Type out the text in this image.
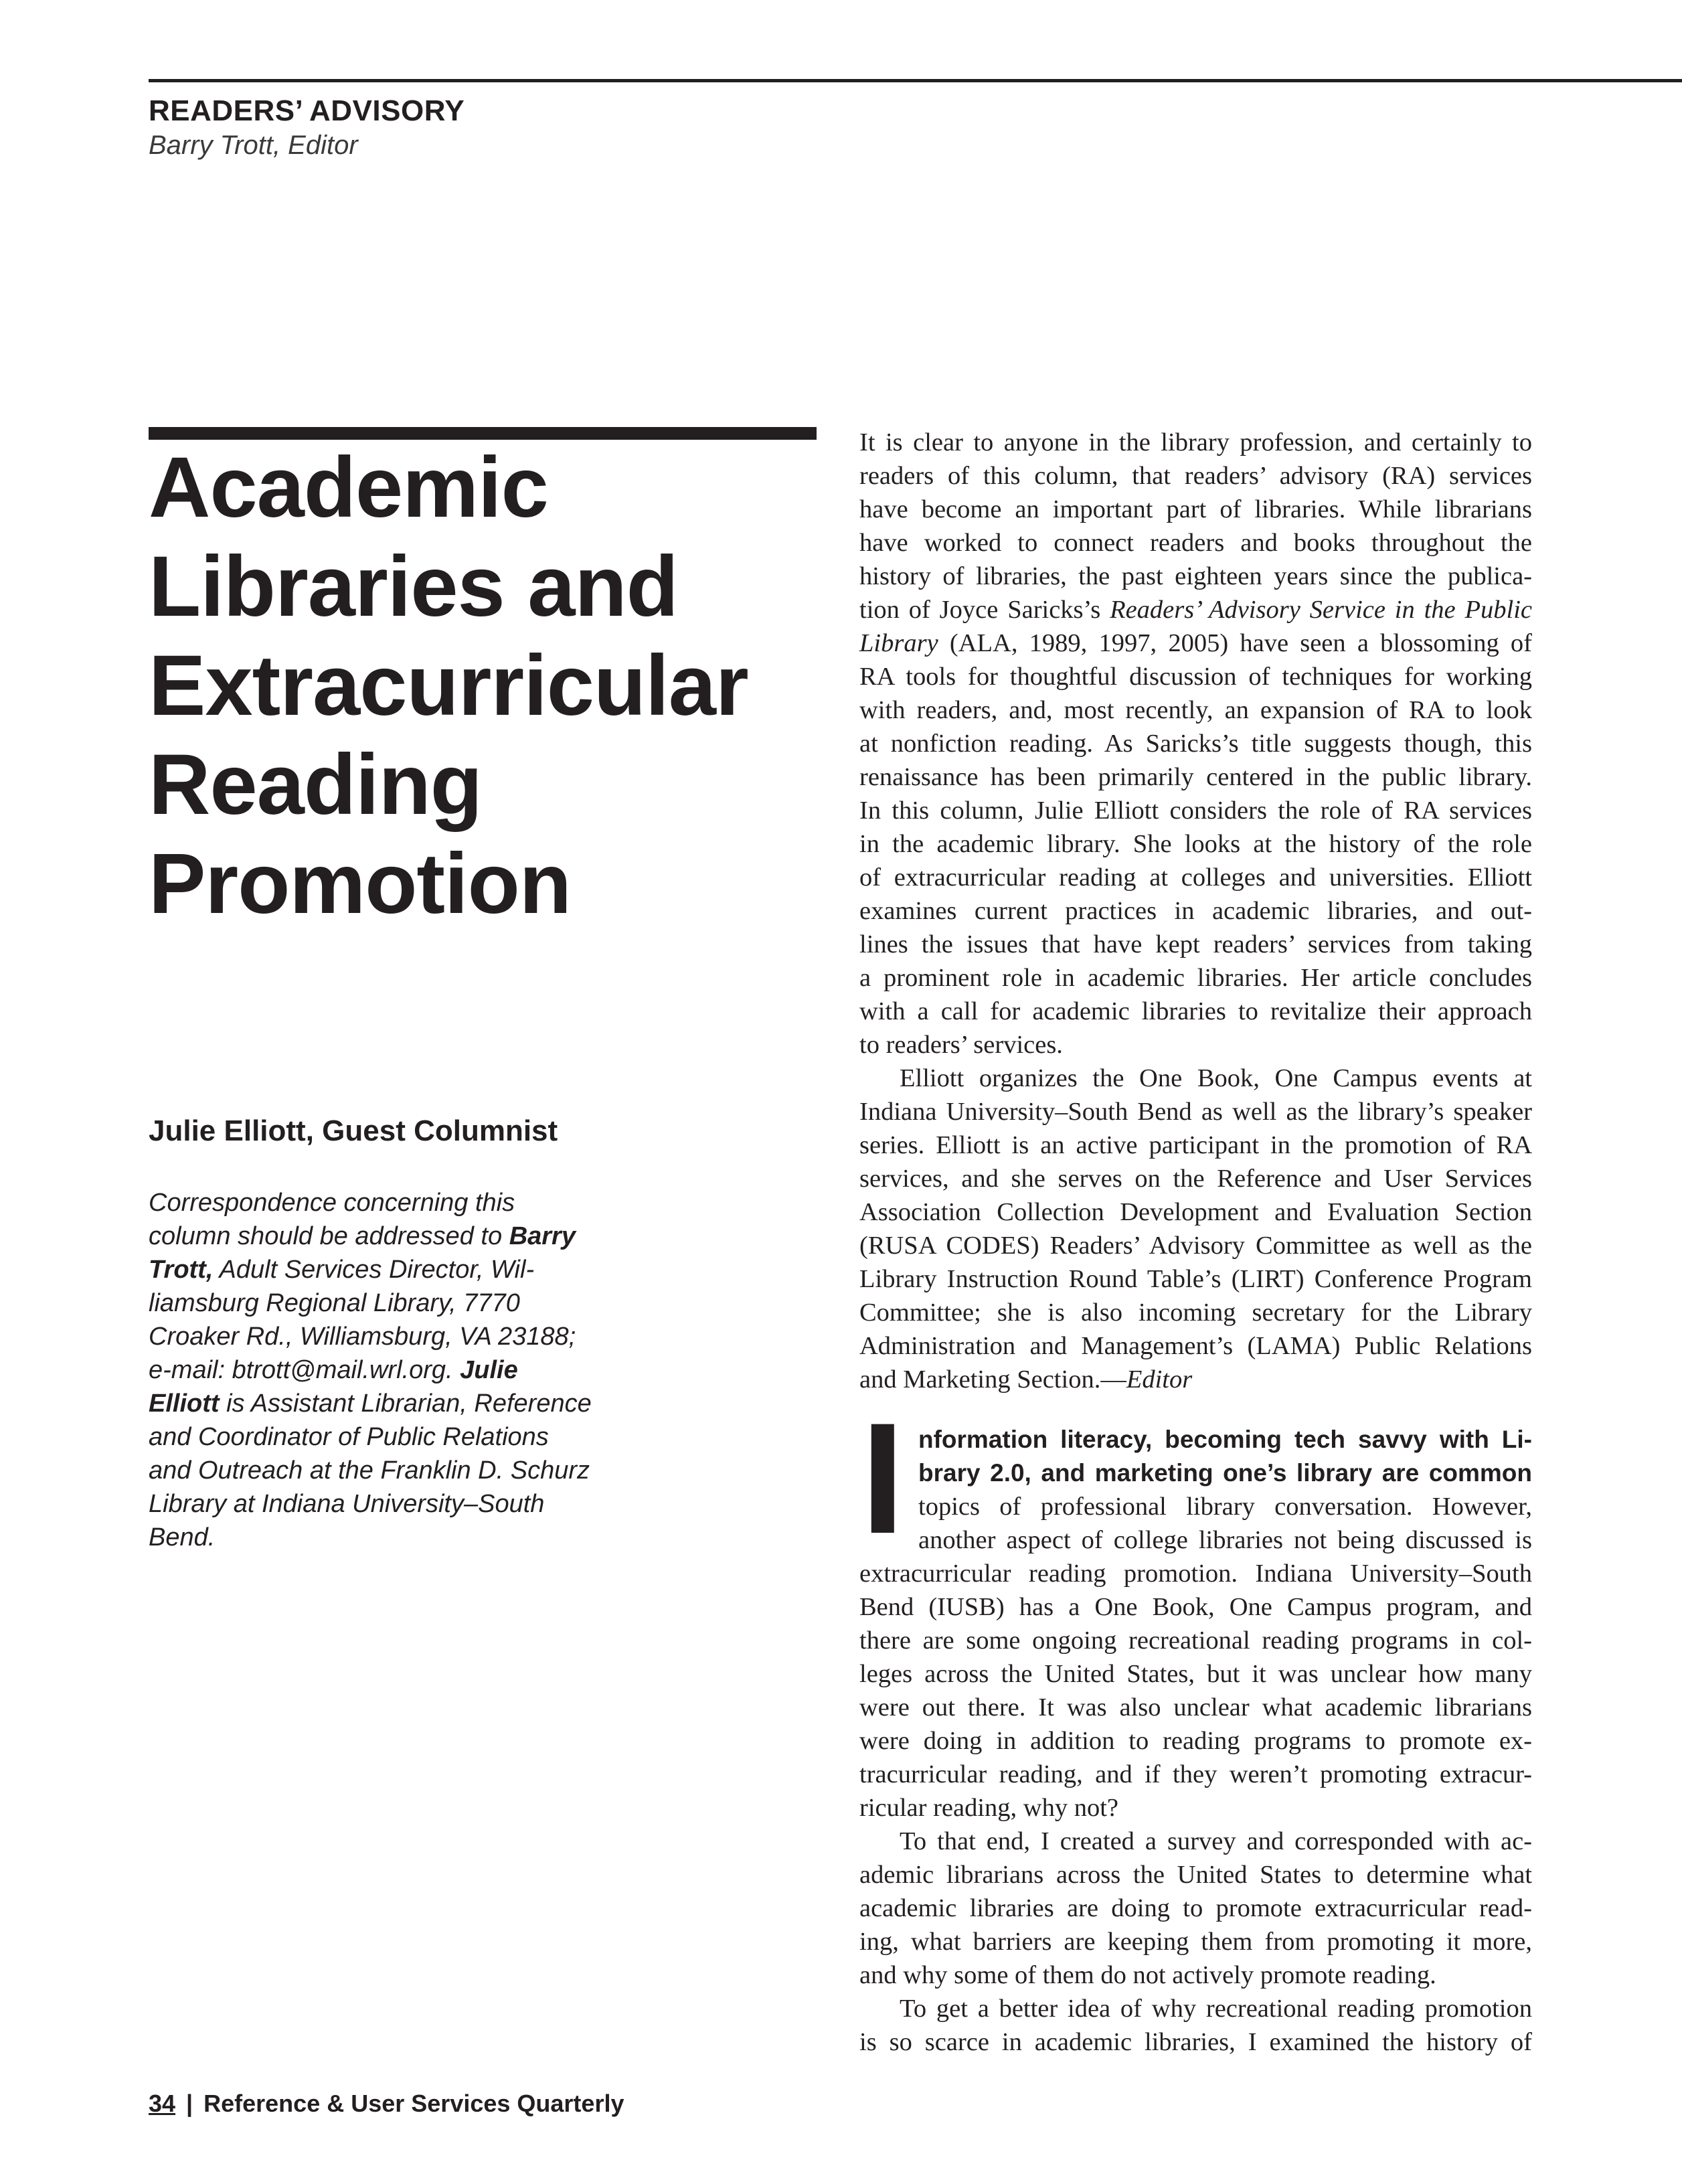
READERS’ ADVISORY
Barry Trott, Editor
Academic
Libraries and
Extracurricular
Reading
Promotion
Julie Elliott, Guest Columnist
Correspondence concerning this
column should be addressed to Barry
Trott, Adult Services Director, Wil-
liamsburg Regional Library, 7770
Croaker Rd., Williamsburg, VA 23188;
e-mail: btrott@mail.wrl.org. Julie
Elliott is Assistant Librarian, Reference
and Coordinator of Public Relations
and Outreach at the Franklin D. Schurz
Library at Indiana University–South
Bend.
It is clear to anyone in the library profession, and certainly to
readers of this column, that readers’ advisory (RA) services
have become an important part of libraries. While librarians
have worked to connect readers and books throughout the
history of libraries, the past eighteen years since the publica-
tion of Joyce Saricks’s Readers’ Advisory Service in the Public
Library (ALA, 1989, 1997, 2005) have seen a blossoming of
RA tools for thoughtful discussion of techniques for working
with readers, and, most recently, an expansion of RA to look
at nonfiction reading. As Saricks’s title suggests though, this
renaissance has been primarily centered in the public library.
In this column, Julie Elliott considers the role of RA services
in the academic library. She looks at the history of the role
of extracurricular reading at colleges and universities. Elliott
examines current practices in academic libraries, and out-
lines the issues that have kept readers’ services from taking
a prominent role in academic libraries. Her article concludes
with a call for academic libraries to revitalize their approach
to readers’ services.
Elliott organizes the One Book, One Campus events at
Indiana University–South Bend as well as the library’s speaker
series. Elliott is an active participant in the promotion of RA
services, and she serves on the Reference and User Services
Association Collection Development and Evaluation Section
(RUSA CODES) Readers’ Advisory Committee as well as the
Library Instruction Round Table’s (LIRT) Conference Program
Committee; she is also incoming secretary for the Library
Administration and Management’s (LAMA) Public Relations
and Marketing Section.—Editor
I nformation literacy, becoming tech savvy with Li-
brary 2.0, and marketing one’s library are common
topics of professional library conversation. However,
another aspect of college libraries not being discussed is
extracurricular reading promotion. Indiana University–South
Bend (IUSB) has a One Book, One Campus program, and
there are some ongoing recreational reading programs in col-
leges across the United States, but it was unclear how many
were out there. It was also unclear what academic librarians
were doing in addition to reading programs to promote ex-
tracurricular reading, and if they weren’t promoting extracur-
ricular reading, why not?
To that end, I created a survey and corresponded with ac-
ademic librarians across the United States to determine what
academic libraries are doing to promote extracurricular read-
ing, what barriers are keeping them from promoting it more,
and why some of them do not actively promote reading.
To get a better idea of why recreational reading promotion
is so scarce in academic libraries, I examined the history of
34 | Reference & User Services Quarterly
